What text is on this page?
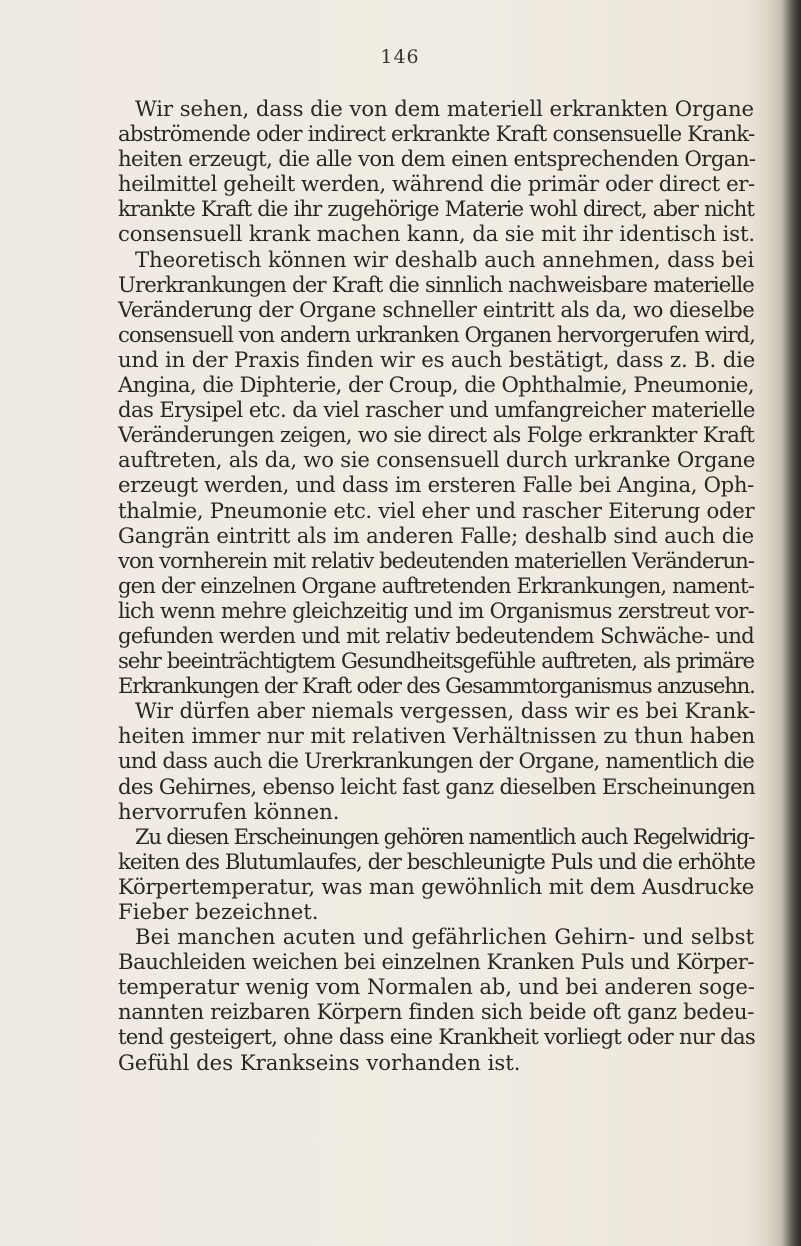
146
Wir sehen, dass die von dem materiell erkrankten Organe
abströmende oder indirect erkrankte Kraft consensuelle Krank-
heiten erzeugt, die alle von dem einen entsprechenden Organ-
heilmittel geheilt werden, während die primär oder direct er-
krankte Kraft die ihr zugehörige Materie wohl direct, aber nicht
consensuell krank machen kann, da sie mit ihr identisch ist.
Theoretisch können wir deshalb auch annehmen, dass bei
Urerkrankungen der Kraft die sinnlich nachweisbare materielle
Veränderung der Organe schneller eintritt als da, wo dieselbe
consensuell von andern urkranken Organen hervorgerufen wird,
und in der Praxis finden wir es auch bestätigt, dass z. B. die
Angina, die Diphterie, der Croup, die Ophthalmie, Pneumonie,
das Erysipel etc. da viel rascher und umfangreicher materielle
Veränderungen zeigen, wo sie direct als Folge erkrankter Kraft
auftreten, als da, wo sie consensuell durch urkranke Organe
erzeugt werden, und dass im ersteren Falle bei Angina, Oph-
thalmie, Pneumonie etc. viel eher und rascher Eiterung oder
Gangrän eintritt als im anderen Falle; deshalb sind auch die
von vornherein mit relativ bedeutenden materiellen Veränderun-
gen der einzelnen Organe auftretenden Erkrankungen, nament-
lich wenn mehre gleichzeitig und im Organismus zerstreut vor-
gefunden werden und mit relativ bedeutendem Schwäche- und
sehr beeinträchtigtem Gesundheitsgefühle auftreten, als primäre
Erkrankungen der Kraft oder des Gesammtorganismus anzusehn.
Wir dürfen aber niemals vergessen, dass wir es bei Krank-
heiten immer nur mit relativen Verhältnissen zu thun haben
und dass auch die Urerkrankungen der Organe, namentlich die
des Gehirnes, ebenso leicht fast ganz dieselben Erscheinungen
hervorrufen können.
Zu diesen Erscheinungen gehören namentlich auch Regelwidrig-
keiten des Blutumlaufes, der beschleunigte Puls und die erhöhte
Körpertemperatur, was man gewöhnlich mit dem Ausdrucke
Fieber bezeichnet.
Bei manchen acuten und gefährlichen Gehirn- und selbst
Bauchleiden weichen bei einzelnen Kranken Puls und Körper-
temperatur wenig vom Normalen ab, und bei anderen soge-
nannten reizbaren Körpern finden sich beide oft ganz bedeu-
tend gesteigert, ohne dass eine Krankheit vorliegt oder nur das
Gefühl des Krankseins vorhanden ist.
